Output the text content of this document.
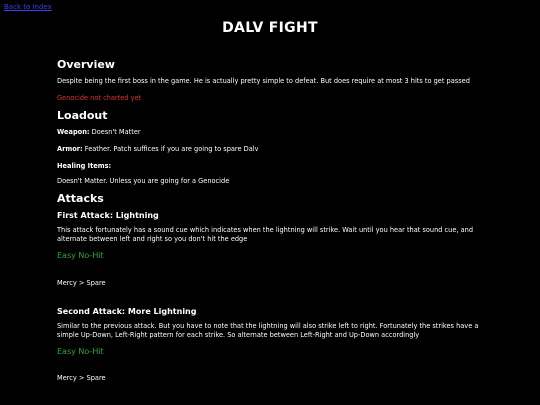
Back to Index
DALV FIGHT
Overview

Despite being the first boss in the game. He is actually pretty simple to defeat. But does require at most 3 hits to get passed

Genocide not charted yet

Loadout

Weapon: Doesn't Matter

Armor: Feather. Patch suffices if you are going to spare Dalv

Healing Items:

Doesn't Matter. Unless you are going for a Genocide

Attacks
First Attack: Lightning

This attack fortunately has a sound cue which indicates when the lightning will strike. Wait until you hear that sound cue, and alternate between left and right so you don't hit the edge

Easy No-Hit

Mercy > Spare

Second Attack: More Lightning

Similar to the previous attack. But you have to note that the lightning will also strike left to right. Fortunately the strikes have a simple Up-Down, Left-Right pattern for each strike. So alternate between Left-Right and Up-Down accordingly

Easy No-Hit

Mercy > Spare
